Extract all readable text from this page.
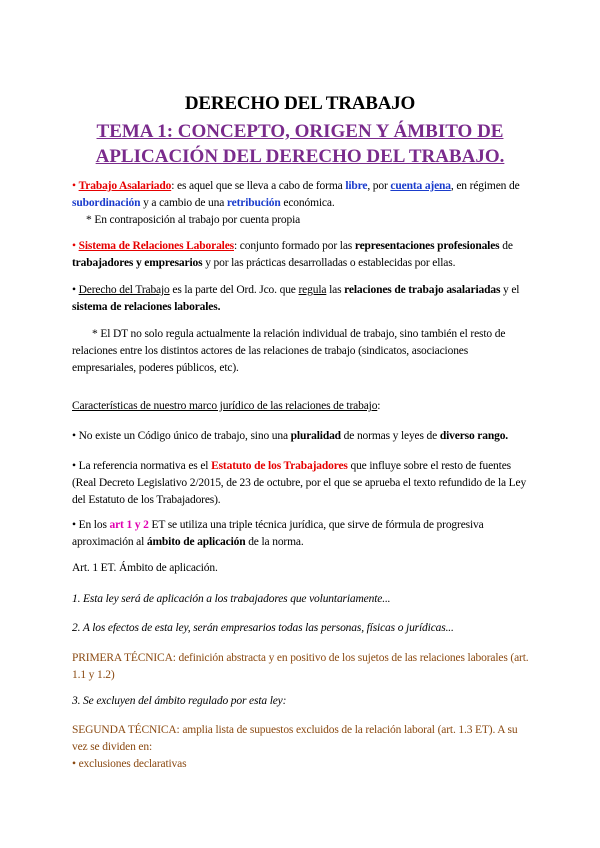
DERECHO DEL TRABAJO
TEMA 1: CONCEPTO, ORIGEN Y ÁMBITO DE
APLICACIÓN DEL DERECHO DEL TRABAJO.
• Trabajo Asalariado: es aquel que se lleva a cabo de forma libre, por cuenta ajena, en régimen de subordinación y a cambio de una retribución económica.
* En contraposición al trabajo por cuenta propia
• Sistema de Relaciones Laborales: conjunto formado por las representaciones profesionales de trabajadores y empresarios y por las prácticas desarrolladas o establecidas por ellas.
• Derecho del Trabajo es la parte del Ord. Jco. que regula las relaciones de trabajo asalariadas y el sistema de relaciones laborales.
* El DT no solo regula actualmente la relación individual de trabajo, sino también el resto de relaciones entre los distintos actores de las relaciones de trabajo (sindicatos, asociaciones empresariales, poderes públicos, etc).
Características de nuestro marco jurídico de las relaciones de trabajo:
• No existe un Código único de trabajo, sino una pluralidad de normas y leyes de diverso rango.
• La referencia normativa es el Estatuto de los Trabajadores que influye sobre el resto de fuentes (Real Decreto Legislativo 2/2015, de 23 de octubre, por el que se aprueba el texto refundido de la Ley del Estatuto de los Trabajadores).
• En los art 1 y 2 ET se utiliza una triple técnica jurídica, que sirve de fórmula de progresiva aproximación al ámbito de aplicación de la norma.
Art. 1 ET. Ámbito de aplicación.
1. Esta ley será de aplicación a los trabajadores que voluntariamente...
2. A los efectos de esta ley, serán empresarios todas las personas, físicas o jurídicas...
PRIMERA TÉCNICA: definición abstracta y en positivo de los sujetos de las relaciones laborales (art. 1.1 y 1.2)
3. Se excluyen del ámbito regulado por esta ley:
SEGUNDA TÉCNICA: amplia lista de supuestos excluidos de la relación laboral (art. 1.3 ET). A su vez se dividen en:
• exclusiones declarativas
